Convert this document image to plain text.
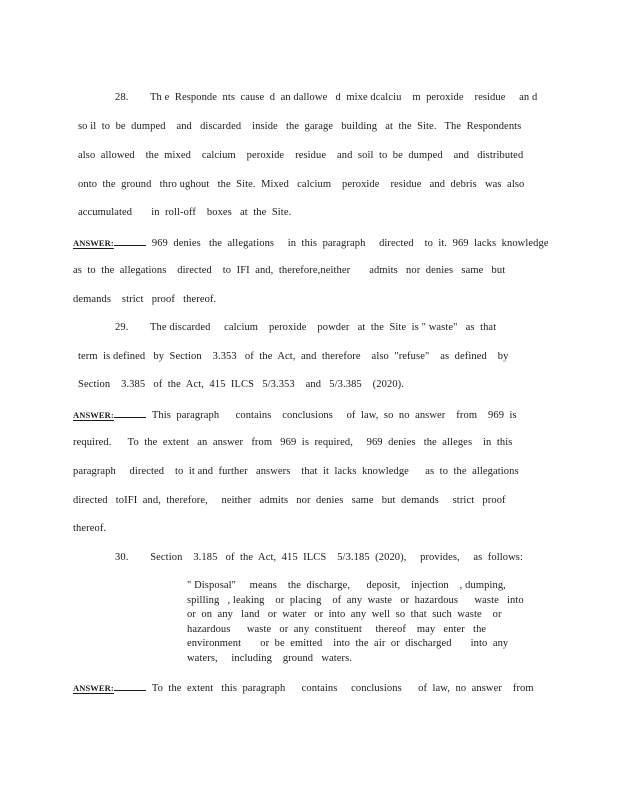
28.        Th e  Responde  nts  cause  d  an dallowe   d  mixe dcalciu    m  peroxide    residue     an d
so il  to  be  dumped    and   discarded    inside   the  garage   building   at  the  Site.   The  Respondents
also  allowed    the  mixed    calcium    peroxide    residue    and  soil  to  be  dumped    and   distributed
onto  the  ground   thro ughout   the  Site.  Mixed   calcium    peroxide    residue   and  debris   was  also
accumulated       in  roll-off    boxes   at  the  Site.
ANSWER:	969  denies   the  allegations     in  this  paragraph     directed    to  it.  969  lacks  knowledge
as  to  the  allegations    directed    to  IFI  and,  therefore,neither       admits   nor  denies   same   but
demands    strict   proof   thereof.
29.        The discarded     calcium    peroxide    powder   at  the  Site  is " waste"   as  that
term  is defined   by  Section    3.353   of  the  Act,  and  therefore    also  "refuse"    as  defined    by
Section    3.385   of  the  Act,  415  ILCS   5/3.353    and   5/3.385    (2020).
ANSWER:	This  paragraph      contains    conclusions     of  law,  so  no  answer    from    969  is
required.      To  the  extent   an  answer   from   969  is  required,     969  denies   the  alleges    in  this
paragraph     directed    to  it and  further   answers    that  it  lacks  knowledge      as  to  the  allegations
directed   toIFI  and,  therefore,     neither   admits   nor  denies   same   but  demands     strict   proof
thereof.
30.        Section    3.185   of  the  Act,  415  ILCS    5/3.185  (2020),     provides,     as  follows:
" Disposal"     means    the  discharge,      deposit,    injection    , dumping,
spilling   , leaking    or  placing    of  any  waste   or  hazardous      waste   into
or  on  any   land   or  water   or  into  any  well  so  that  such  waste    or
hazardous      waste   or  any  constituent     thereof    may   enter   the
environment       or  be  emitted    into  the  air  or  discharged       into  any
waters,     including    ground   waters.
ANSWER:	To  the  extent   this  paragraph      contains     conclusions      of  law,  no  answer    from
